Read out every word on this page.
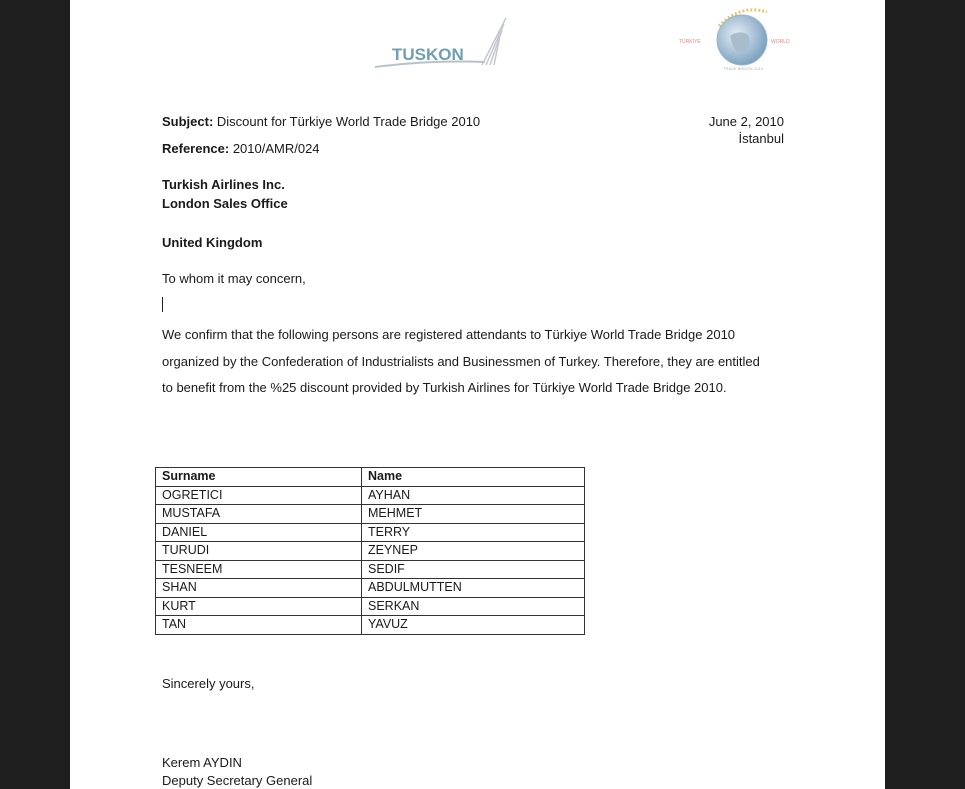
TUSKON
TÜRKİYE	WORLD
TRADE BRIDGE 2010
Subject: Discount for Türkiye World Trade Bridge 2010
Reference: 2010/AMR/024
June 2, 2010
İstanbul
Turkish Airlines Inc.
London Sales Office
United Kingdom
To whom it may concern,
We confirm that the following persons are registered attendants to Türkiye World Trade Bridge 2010
organized by the Confederation of Industrialists and Businessmen of Turkey. Therefore, they are entitled
to benefit from the %25 discount provided by Turkish Airlines for Türkiye World Trade Bridge 2010.
Surname	Name
OGRETICI	AYHAN
MUSTAFA	MEHMET
DANIEL	TERRY
TURUDI	ZEYNEP
TESNEEM	SEDIF
SHAN	ABDULMUTTEN
KURT	SERKAN
TAN	YAVUZ
Sincerely yours,
Kerem AYDIN
Deputy Secretary General
